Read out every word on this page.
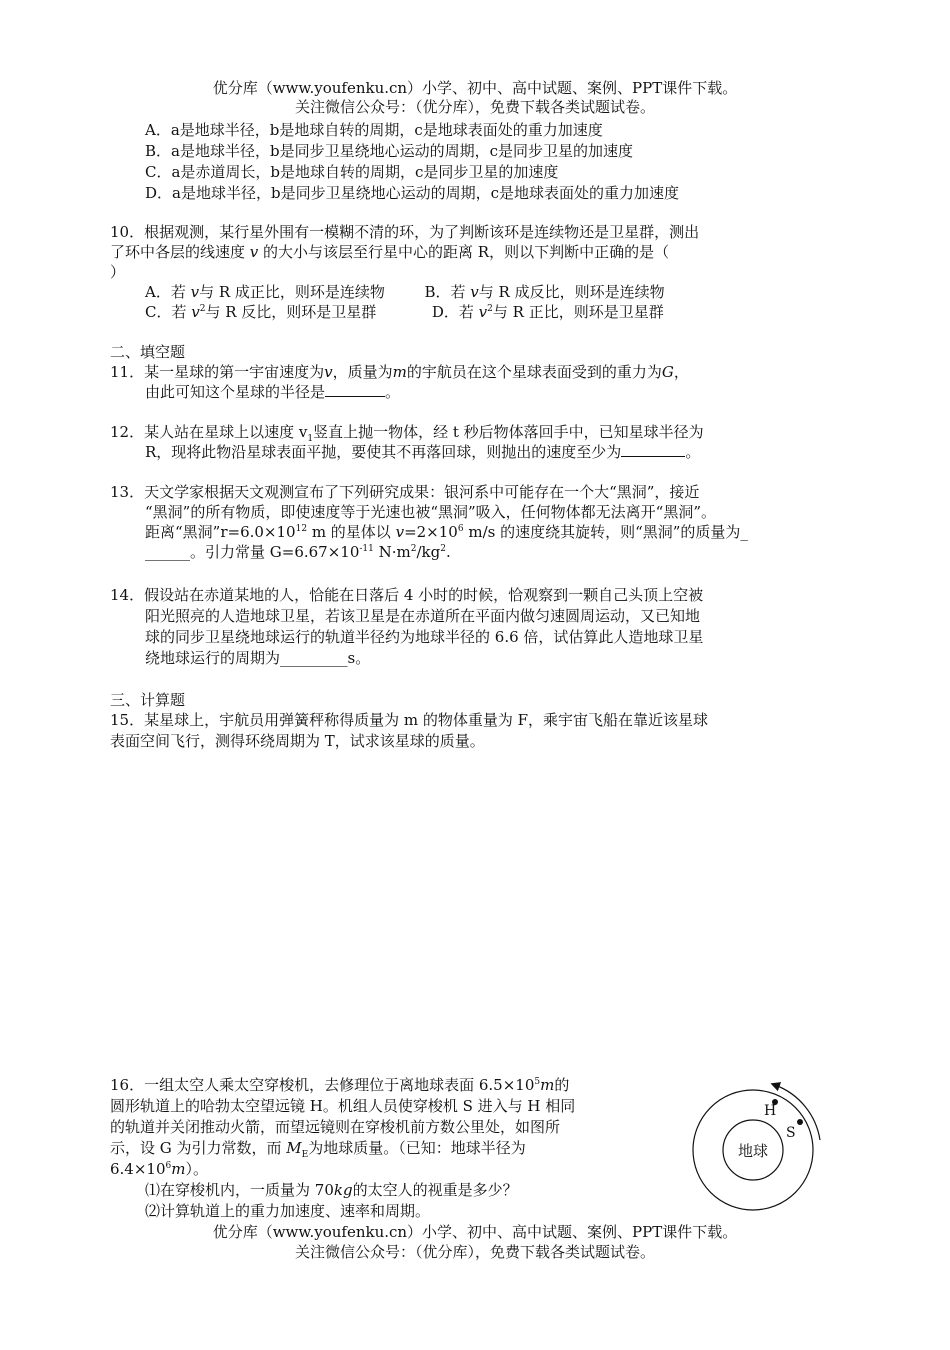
优分库（www.youfenku.cn）小学、初中、高中试题、案例、PPT课件下载。
关注微信公众号：（优分库），免费下载各类试题试卷。
A．a是地球半径，b是地球自转的周期，c是地球表面处的重力加速度
B．a是地球半径，b是同步卫星绕地心运动的周期，c是同步卫星的加速度
C．a是赤道周长，b是地球自转的周期，c是同步卫星的加速度
D．a是地球半径，b是同步卫星绕地心运动的周期，c是地球表面处的重力加速度
10．根据观测，某行星外围有一模糊不清的环，为了判断该环是连续物还是卫星群，测出
了环中各层的线速度 v 的大小与该层至行星中心的距离 R，则以下判断中正确的是（
）
A．若 v与 R 成正比，则环是连续物	B．若 v与 R 成反比，则环是连续物
C．若 $v^2$与 R 反比，则环是卫星群	D．若 $v^2$与 R 正比，则环是卫星群
二、填空题
11．某一星球的第一宇宙速度为v，质量为m的宇航员在这个星球表面受到的重力为G，
由此可知这个星球的半径是	。
12．某人站在星球上以速度 $v_1$竖直上抛一物体，经 t 秒后物体落回手中，已知星球半径为
R，现将此物沿星球表面平抛，要使其不再落回球，则抛出的速度至少为	。
13．天文学家根据天文观测宣布了下列研究成果：银河系中可能存在一个大“黑洞”，接近
“黑洞”的所有物质，即使速度等于光速也被“黑洞”吸入，任何物体都无法离开“黑洞”。
距离“黑洞$”r=6.0\times 10^{12}$ m 的星体以 $v=2\times 10^6$ m/s 的速度绕其旋转，则“黑洞”的质量为_
______。引力常量 $G=6.67\times 10^{-11}$ $N\cdot m^2/kg^2$.
14．假设站在赤道某地的人，恰能在日落后 4 小时的时候，恰观察到一颗自己头顶上空被
阳光照亮的人造地球卫星，若该卫星是在赤道所在平面内做匀速圆周运动，又已知地
球的同步卫星绕地球运行的轨道半径约为地球半径的 6.6 倍，试估算此人造地球卫星
绕地球运行的周期为_________s。
三、计算题
15．某星球上，宇航员用弹簧秤称得质量为 m 的物体重量为 F，乘宇宙飞船在靠近该星球
表面空间飞行，测得环绕周期为 T，试求该星球的质量。
16．一组太空人乘太空穿梭机，去修理位于离地球表面 $6.5\times 10^5m$的
圆形轨道上的哈勃太空望远镜 H。机组人员使穿梭机 S 进入与 H 相同
的轨道并关闭推动火箭，而望远镜则在穿梭机前方数公里处，如图所
示，设 G 为引力常数，而 $M_E$为地球质量。（已知：地球半径为
$6.4\times 10^6m$）。
⑴在穿梭机内，一质量为 70kg的太空人的视重是多少？
⑵计算轨道上的重力加速度、速率和周期。
地球
H
S
优分库（www.youfenku.cn）小学、初中、高中试题、案例、PPT课件下载。
关注微信公众号：（优分库），免费下载各类试题试卷。
